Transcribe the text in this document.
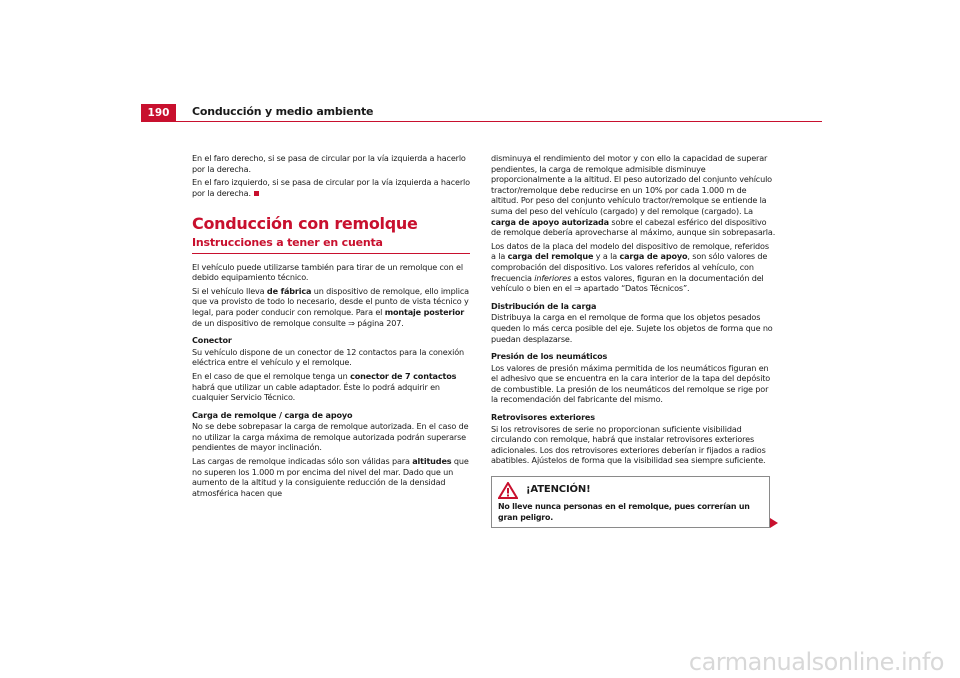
190	Conducción y medio ambiente

En el faro derecho, si se pasa de circular por la vía izquierda a hacerlo por la derecha.

En el faro izquierdo, si se pasa de circular por la vía izquierda a hacerlo por la derecha.

Conducción con remolque
Instrucciones a tener en cuenta

El vehículo puede utilizarse también para tirar de un remolque con el debido equipamiento técnico.

Si el vehículo lleva de fábrica un dispositivo de remolque, ello implica que va provisto de todo lo necesario, desde el punto de vista técnico y legal, para poder conducir con remolque. Para el montaje posterior de un dispositivo de remolque consulte ⇒ página 207.

Conector

Su vehículo dispone de un conector de 12 contactos para la conexión eléctrica entre el vehículo y el remolque.

En el caso de que el remolque tenga un conector de 7 contactos habrá que utilizar un cable adaptador. Éste lo podrá adquirir en cualquier Servicio Técnico.

Carga de remolque / carga de apoyo

No se debe sobrepasar la carga de remolque autorizada. En el caso de no utilizar la carga máxima de remolque autorizada podrán superarse pendientes de mayor inclinación.

Las cargas de remolque indicadas sólo son válidas para altitudes que no superen los 1.000 m por encima del nivel del mar. Dado que un aumento de la altitud y la consiguiente reducción de la densidad atmosférica hacen que

disminuya el rendimiento del motor y con ello la capacidad de superar pendientes, la carga de remolque admisible disminuye proporcionalmente a la altitud. El peso autorizado del conjunto vehículo tractor/remolque debe reducirse en un 10% por cada 1.000 m de altitud. Por peso del conjunto vehículo tractor/remolque se entiende la suma del peso del vehículo (cargado) y del remolque (cargado). La carga de apoyo autorizada sobre el cabezal esférico del dispositivo de remolque debería aprovecharse al máximo, aunque sin sobrepasarla.

Los datos de la placa del modelo del dispositivo de remolque, referidos a la carga del remolque y a la carga de apoyo, son sólo valores de comprobación del dispositivo. Los valores referidos al vehículo, con frecuencia inferiores a estos valores, figuran en la documentación del vehículo o bien en el ⇒ apartado “Datos Técnicos”.

Distribución de la carga

Distribuya la carga en el remolque de forma que los objetos pesados queden lo más cerca posible del eje. Sujete los objetos de forma que no puedan desplazarse.

Presión de los neumáticos

Los valores de presión máxima permitida de los neumáticos figuran en el adhesivo que se encuentra en la cara interior de la tapa del depósito de combustible. La presión de los neumáticos del remolque se rige por la recomendación del fabricante del mismo.

Retrovisores exteriores

Si los retrovisores de serie no proporcionan suficiente visibilidad circulando con remolque, habrá que instalar retrovisores exteriores adicionales. Los dos retrovisores exteriores deberían ir fijados a radios abatibles. Ajústelos de forma que la visibilidad sea siempre suficiente.

¡ATENCIÓN!
No lleve nunca personas en el remolque, pues correrían un gran peligro.
carmanualsonline.info
